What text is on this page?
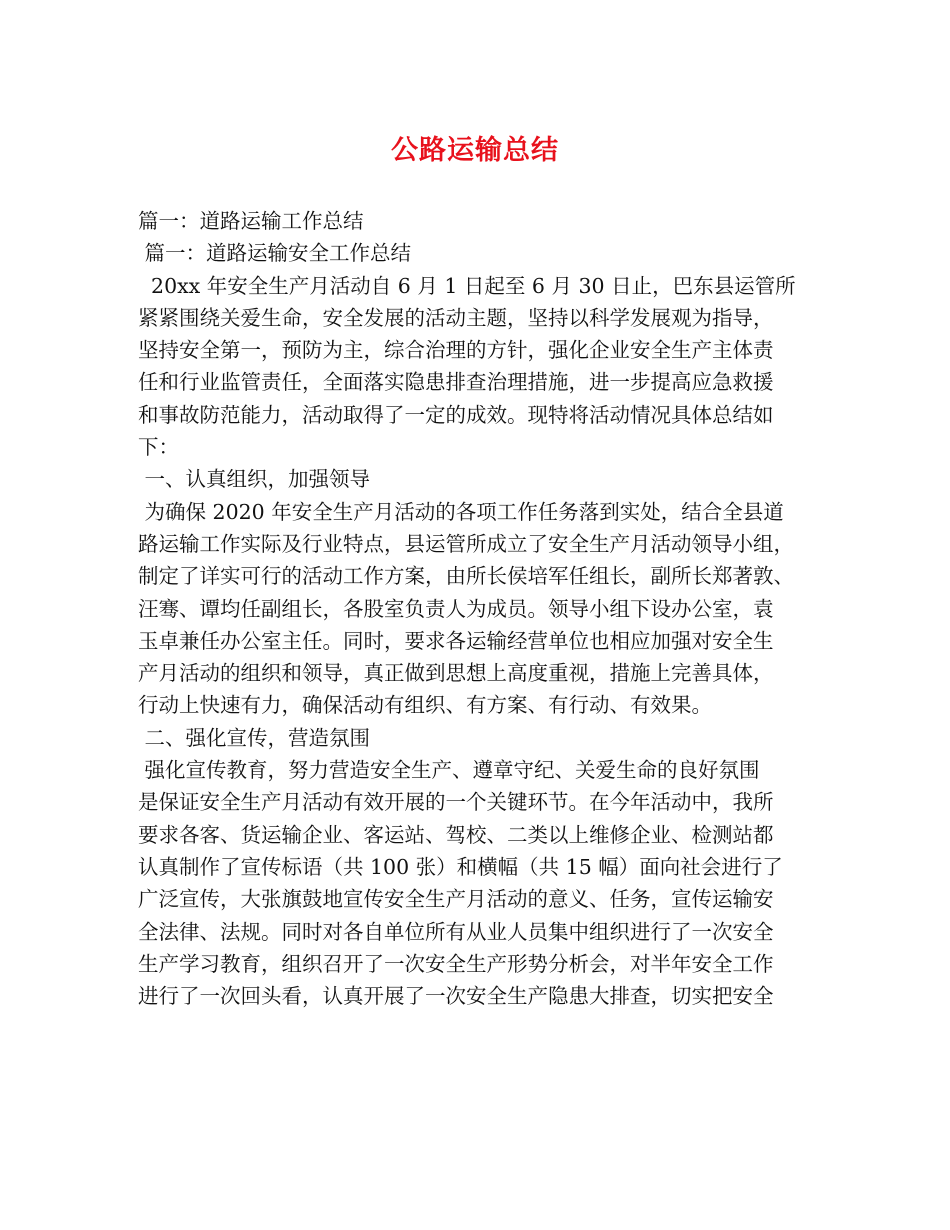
公路运输总结
篇一：道路运输工作总结
篇一：道路运输安全工作总结
20xx 年安全生产月活动自 6 月 1 日起至 6 月 30 日止，巴东县运管所
紧紧围绕关爱生命，安全发展的活动主题，坚持以科学发展观为指导，
坚持安全第一，预防为主，综合治理的方针，强化企业安全生产主体责
任和行业监管责任，全面落实隐患排查治理措施，进一步提高应急救援
和事故防范能力，活动取得了一定的成效。现特将活动情况具体总结如
下：
一、认真组织，加强领导
为确保 2020 年安全生产月活动的各项工作任务落到实处，结合全县道
路运输工作实际及行业特点，县运管所成立了安全生产月活动领导小组，
制定了详实可行的活动工作方案，由所长侯培军任组长，副所长郑著敦、
汪骞、谭均任副组长，各股室负责人为成员。领导小组下设办公室，袁
玉卓兼任办公室主任。同时，要求各运输经营单位也相应加强对安全生
产月活动的组织和领导，真正做到思想上高度重视，措施上完善具体，
行动上快速有力，确保活动有组织、有方案、有行动、有效果。
二、强化宣传，营造氛围
强化宣传教育，努力营造安全生产、遵章守纪、关爱生命的良好氛围
是保证安全生产月活动有效开展的一个关键环节。在今年活动中，我所
要求各客、货运输企业、客运站、驾校、二类以上维修企业、检测站都
认真制作了宣传标语（共 100 张）和横幅（共 15 幅）面向社会进行了
广泛宣传，大张旗鼓地宣传安全生产月活动的意义、任务，宣传运输安
全法律、法规。同时对各自单位所有从业人员集中组织进行了一次安全
生产学习教育，组织召开了一次安全生产形势分析会，对半年安全工作
进行了一次回头看，认真开展了一次安全生产隐患大排查，切实把安全
